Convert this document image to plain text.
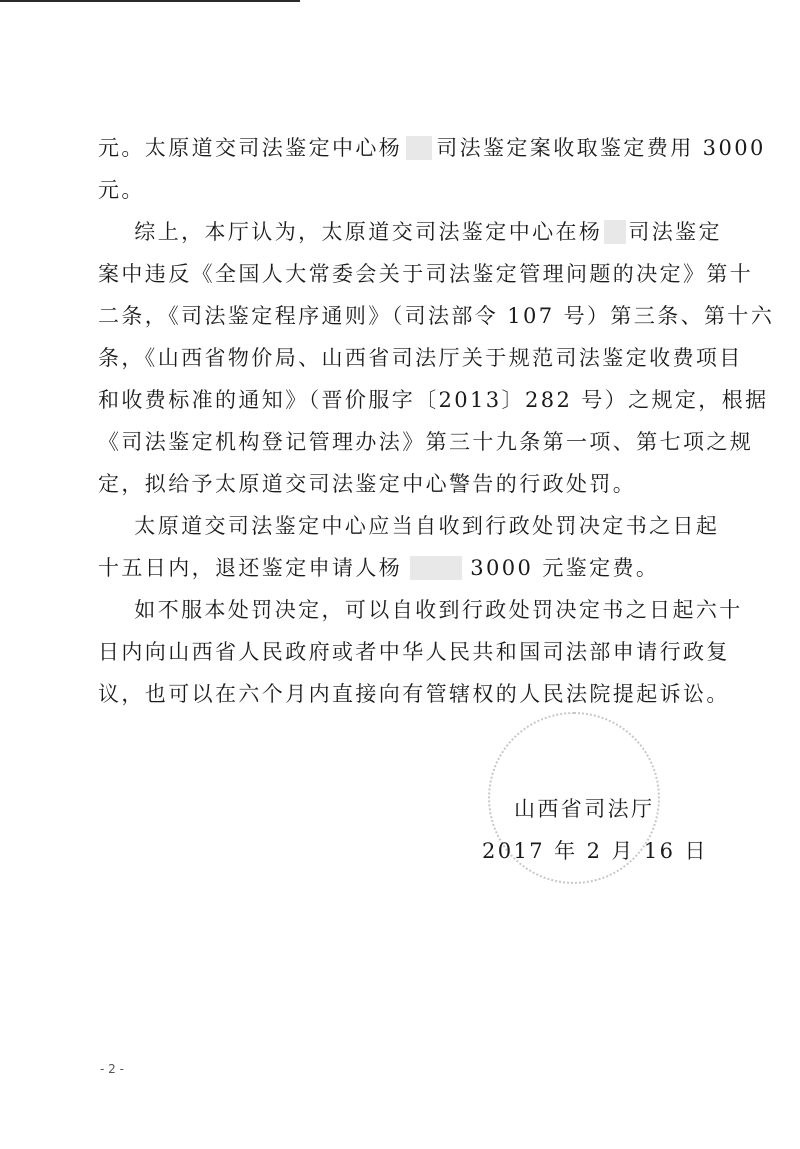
元。太原道交司法鉴定中心杨 司法鉴定案收取鉴定费用 3000
元。
综上，本厅认为，太原道交司法鉴定中心在杨 司法鉴定
案中违反《全国人大常委会关于司法鉴定管理问题的决定》第十
二条，《司法鉴定程序通则》（司法部令 107 号）第三条、第十六
条，《山西省物价局、山西省司法厅关于规范司法鉴定收费项目
和收费标准的通知》（晋价服字〔2013〕282 号）之规定，根据
《司法鉴定机构登记管理办法》第三十九条第一项、第七项之规
定，拟给予太原道交司法鉴定中心警告的行政处罚。
太原道交司法鉴定中心应当自收到行政处罚决定书之日起
十五日内，退还鉴定申请人杨	3000 元鉴定费。
如不服本处罚决定，可以自收到行政处罚决定书之日起六十
日内向山西省人民政府或者中华人民共和国司法部申请行政复
议，也可以在六个月内直接向有管辖权的人民法院提起诉讼。
山西省司法厅
2017 年 2 月 16 日
- 2 -
